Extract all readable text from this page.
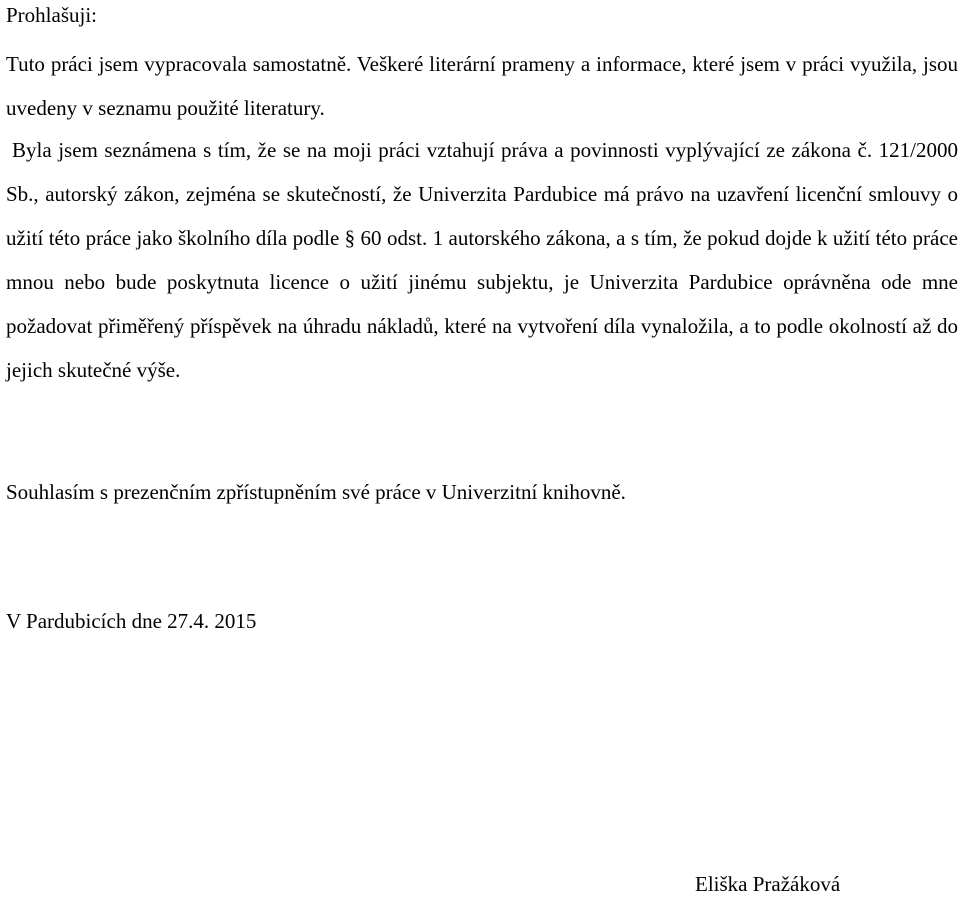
Prohlašuji:

Tuto práci jsem vypracovala samostatně. Veškeré literární prameny a informace, které jsem v práci využila, jsou uvedeny v seznamu použité literatury.

Byla jsem seznámena s tím, že se na moji práci vztahují práva a povinnosti vyplývající ze zákona č. 121/2000 Sb., autorský zákon, zejména se skutečností, že Univerzita Pardubice má právo na uzavření licenční smlouvy o užití této práce jako školního díla podle § 60 odst. 1 autorského zákona, a s tím, že pokud dojde k užití této práce mnou nebo bude poskytnuta licence o užití jinému subjektu, je Univerzita Pardubice oprávněna ode mne požadovat přiměřený příspěvek na úhradu nákladů, které na vytvoření díla vynaložila, a to podle okolností až do jejich skutečné výše.

Souhlasím s prezenčním zpřístupněním své práce v Univerzitní knihovně.

V Pardubicích dne 27.4. 2015

Eliška Pražáková
